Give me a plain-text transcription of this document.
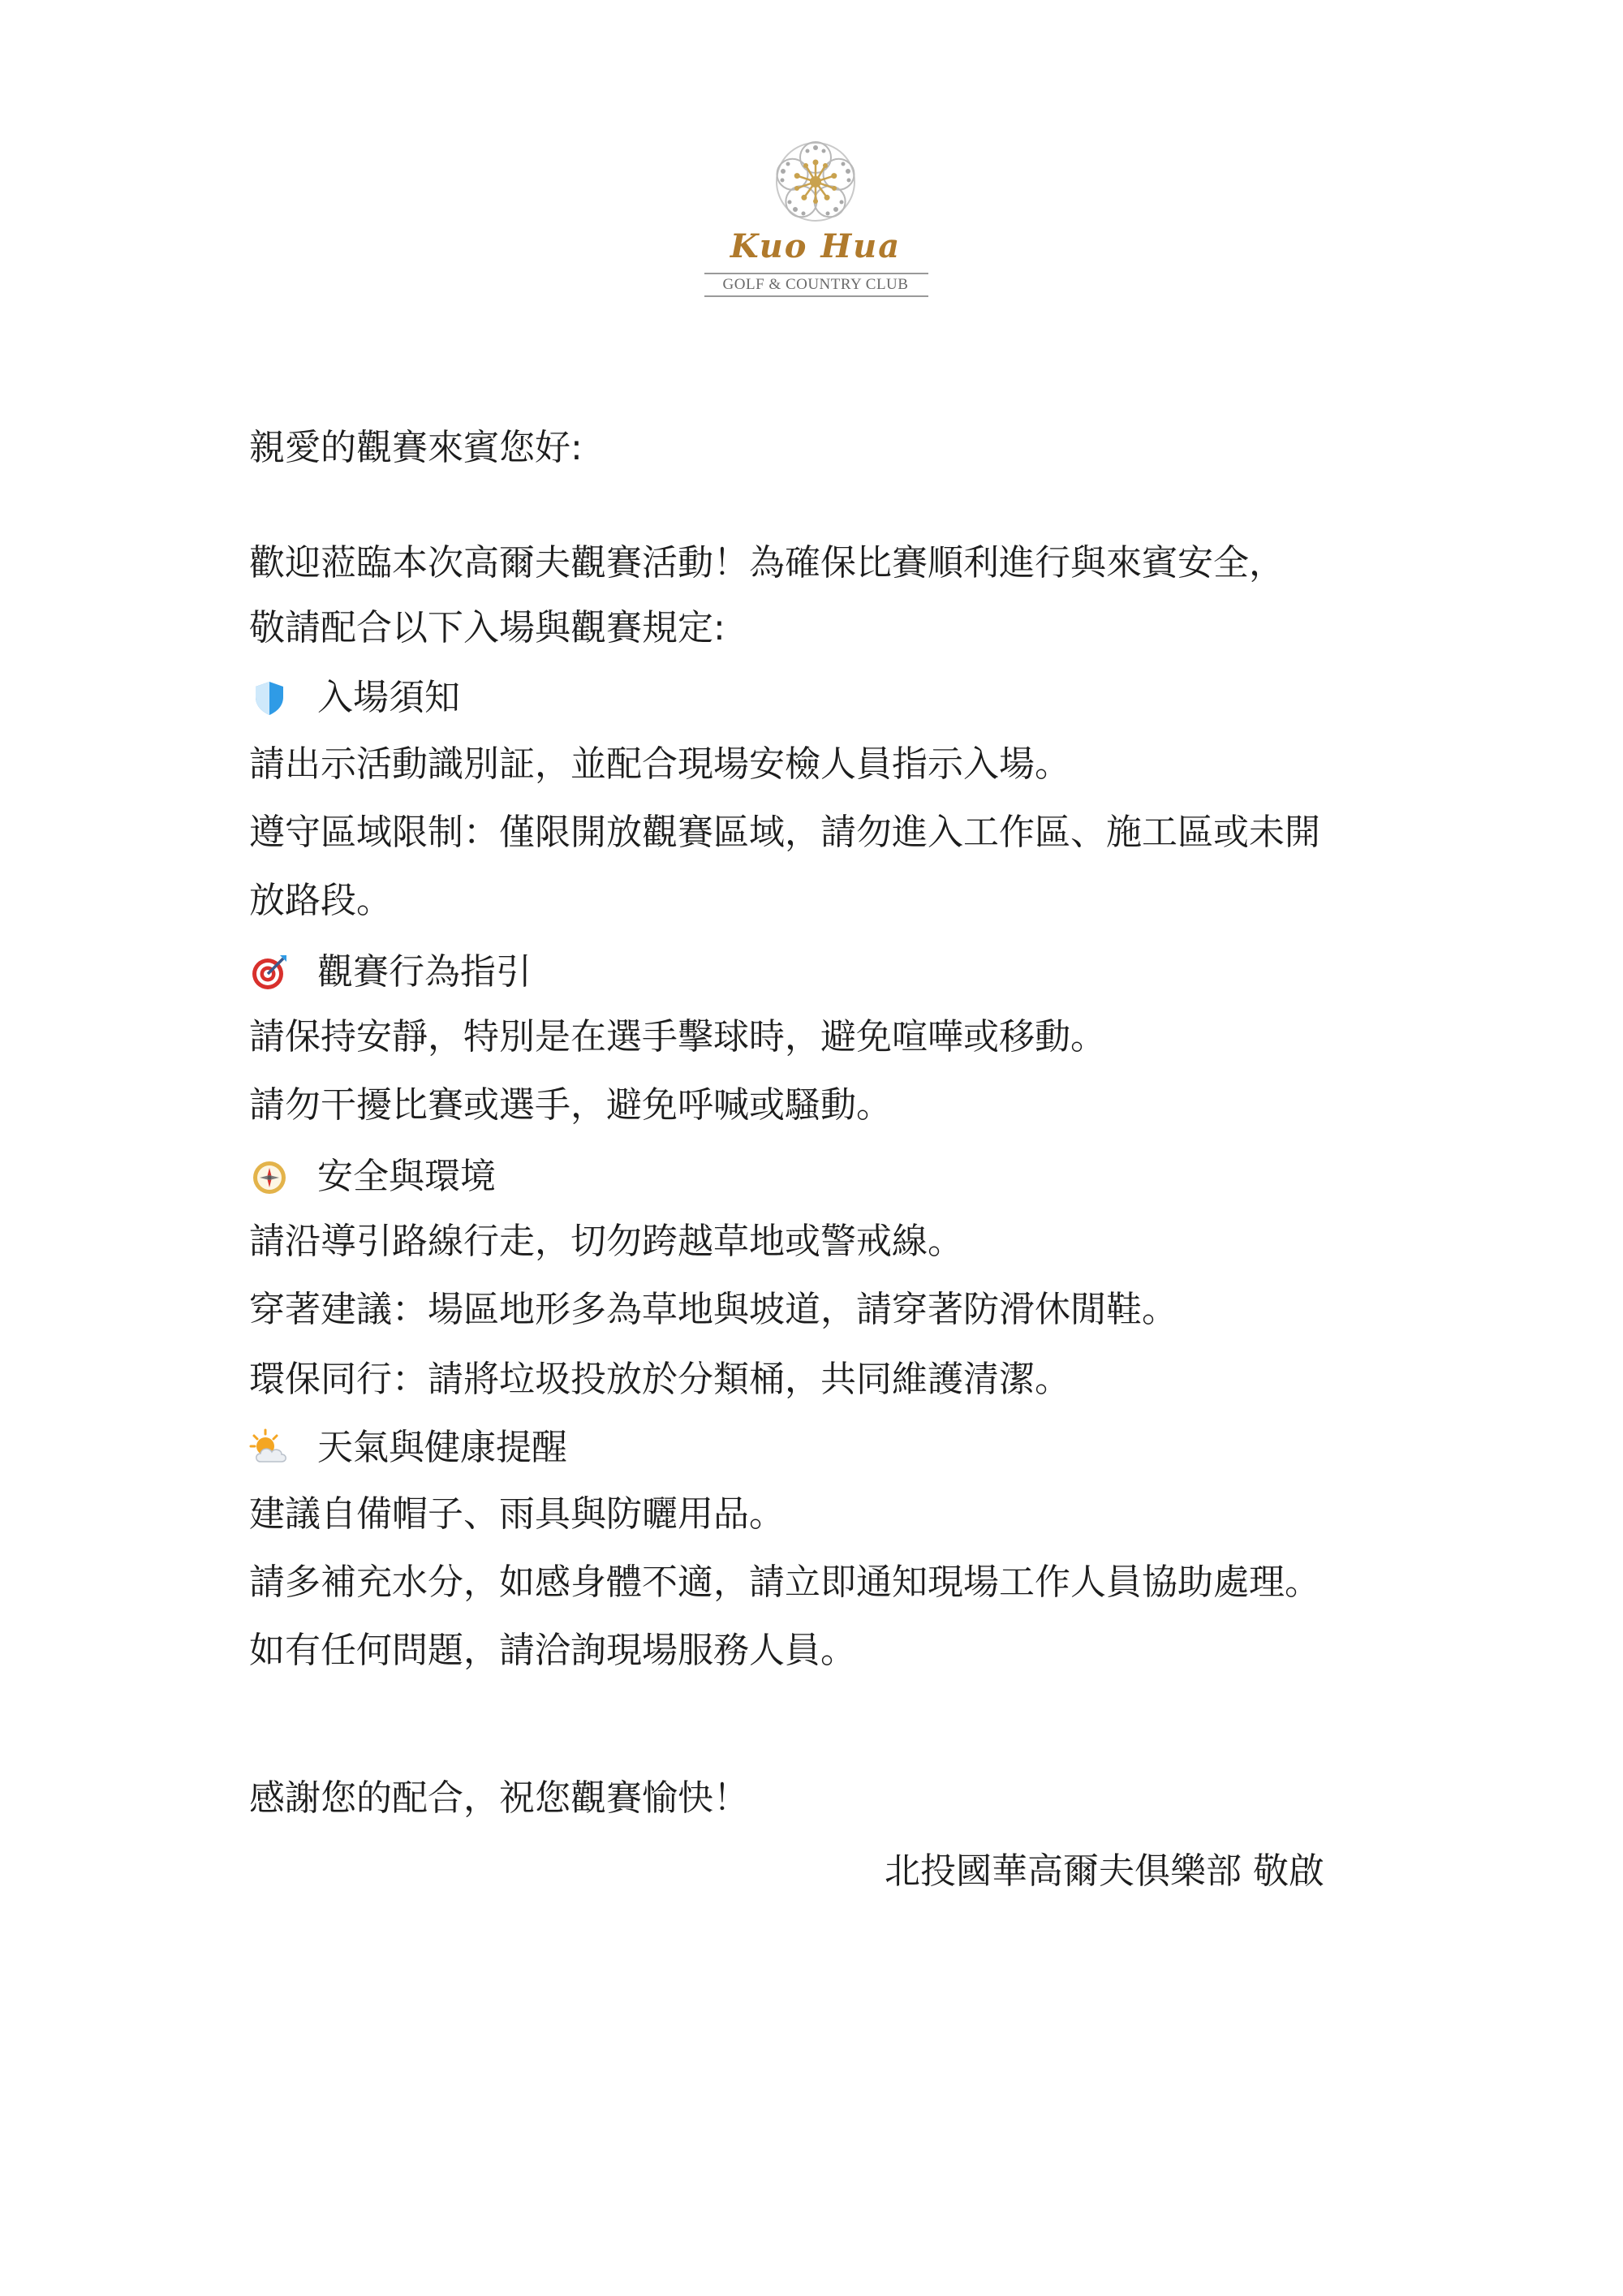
Kuo Hua
GOLF & COUNTRY CLUB
親愛的觀賽來賓您好:
歡迎蒞臨本次高爾夫觀賽活動！為確保比賽順利進行與來賓安全，
敬請配合以下入場與觀賽規定:
入場須知
請出示活動識別証，並配合現場安檢人員指示入場。
遵守區域限制：僅限開放觀賽區域，請勿進入工作區、施工區或未開
放路段。
觀賽行為指引
請保持安靜，特別是在選手擊球時，避免喧嘩或移動。
請勿干擾比賽或選手，避免呼喊或騷動。
安全與環境
請沿導引路線行走，切勿跨越草地或警戒線。
穿著建議：場區地形多為草地與坡道，請穿著防滑休閒鞋。
環保同行：請將垃圾投放於分類桶，共同維護清潔。
天氣與健康提醒
建議自備帽子、雨具與防曬用品。
請多補充水分，如感身體不適，請立即通知現場工作人員協助處理。
如有任何問題，請洽詢現場服務人員。
感謝您的配合，祝您觀賽愉快！
北投國華高爾夫俱樂部 敬啟
